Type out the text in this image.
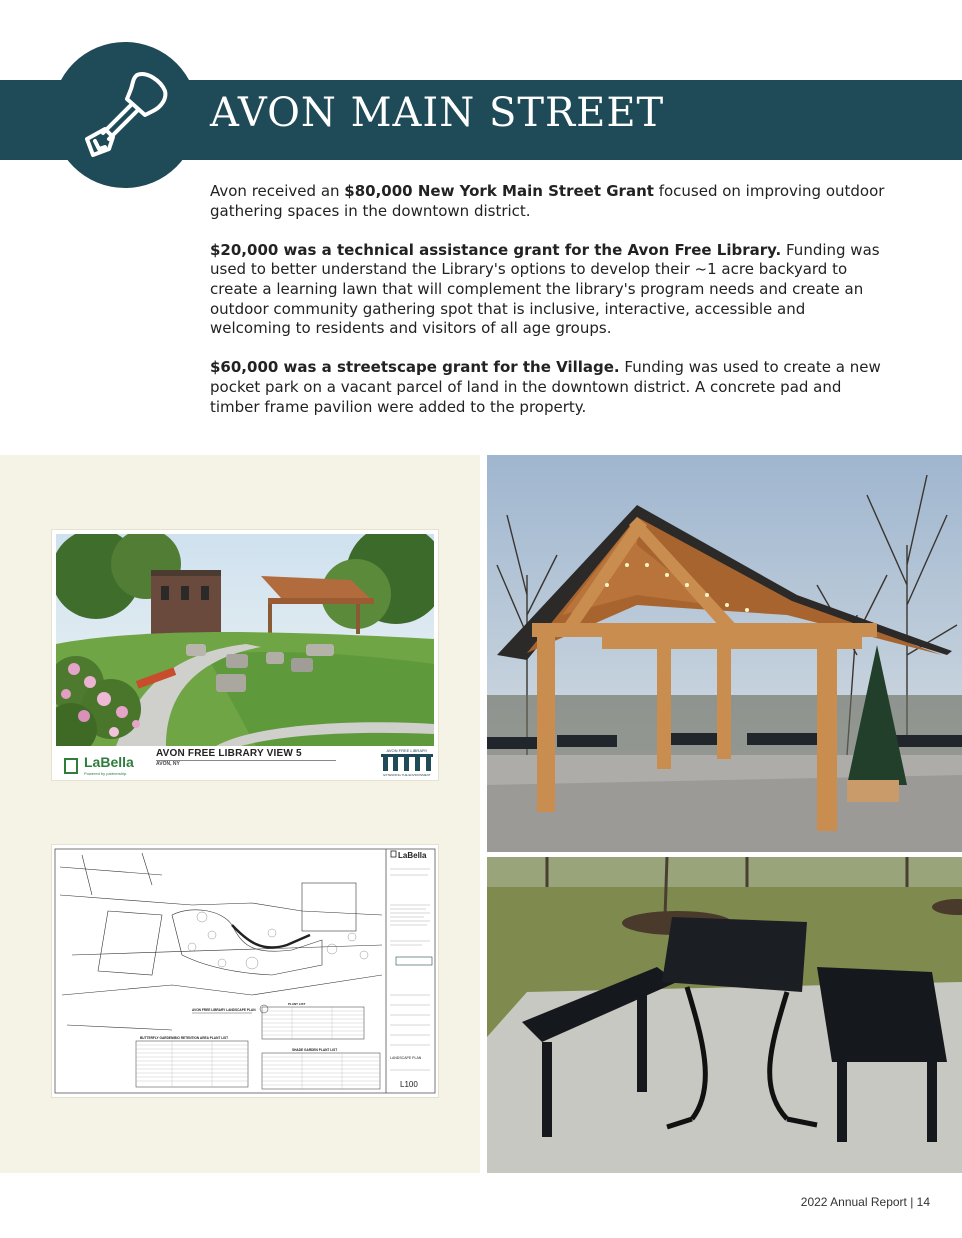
AVON MAIN STREET

Avon received an $80,000 New York Main Street Grant focused on improving outdoor gathering spaces in the downtown district.

$20,000 was a technical assistance grant for the Avon Free Library. Funding was used to better understand the Library's options to develop their ~1 acre backyard to create a learning lawn that will complement the library's program needs and create an outdoor community gathering spot that is inclusive, interactive, accessible and welcoming to residents and visitors of all age groups.

$60,000 was a streetscape grant for the Village. Funding was used to create a new pocket park on a vacant parcel of land in the downtown district. A concrete pad and timber frame pavilion were added to the property.

LaBella
Powered by partnership.
AVON FREE LIBRARY VIEW 5
AVON, NY
AVON FREE LIBRARY
EXTENDING THE ENVIRONMENT
LaBella
LANDSCAPE PLAN
L100
AVON FREE LIBRARY LANDSCAPE PLAN
PLANT LIST
BUTTERFLY GARDEN/BIO RETENTION AREA PLANT LIST
SHADE GARDEN PLANT LIST
2022 Annual Report | 14
